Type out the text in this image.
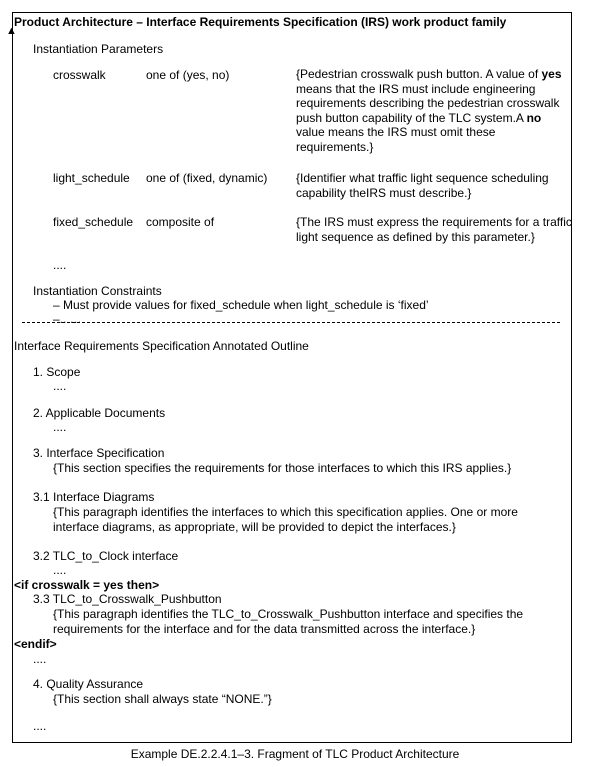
▲
Product Architecture – Interface Requirements Specification (IRS) work product family
Instantiation Parameters
crosswalk	one of (yes, no)	{Pedestrian crosswalk push button. A value of yes means that the IRS must include engineering requirements describing the pedestrian crosswalk push button capability of the TLC system.A no value means the IRS must omit these requirements.}
light_schedule one of (fixed, dynamic) {Identifier what traffic light sequence scheduling capability theIRS must describe.}
fixed_schedule composite of	{The IRS must express the requirements for a traffic light sequence as defined by this parameter.}
....
Instantiation Constraints
– Must provide values for fixed_schedule when light_schedule is ‘fixed’
–.. …
Interface Requirements Specification Annotated Outline
1. Scope
....
2. Applicable Documents
....
3. Interface Specification
{This section specifies the requirements for those interfaces to which this IRS applies.}
3.1 Interface Diagrams
{This paragraph identifies the interfaces to which this specification applies. One or more interface diagrams, as appropriate, will be provided to depict the interfaces.}
3.2 TLC_to_Clock interface
....
<if crosswalk = yes then>
3.3 TLC_to_Crosswalk_Pushbutton
{This paragraph identifies the TLC_to_Crosswalk_Pushbutton interface and specifies the requirements for the interface and for the data transmitted across the interface.}
<endif>
....
4. Quality Assurance
{This section shall always state “NONE.”}
....
Example DE.2.2.4.1–3. Fragment of TLC Product Architecture
